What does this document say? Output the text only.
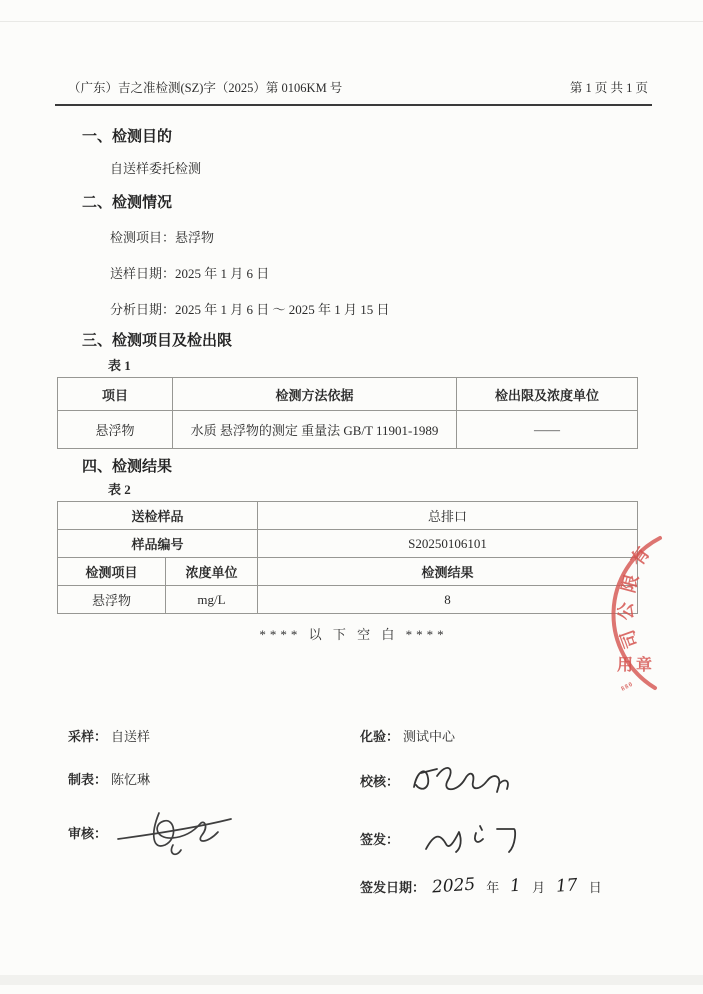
（广东）吉之准检测(SZ)字（2025）第 0106KM 号	第 1 页 共 1 页
一、检测目的
自送样委托检测
二、检测情况
检测项目：悬浮物
送样日期：2025 年 1 月 6 日
分析日期：2025 年 1 月 6 日 ～ 2025 年 1 月 15 日
三、检测项目及检出限
表 1
项目	检测方法依据	检出限及浓度单位
悬浮物	水质 悬浮物的测定 重量法 GB/T 11901-1989	——
四、检测结果
表 2
送检样品		总排口
样品编号		S20250106101
检测项目	浓度单位	检测结果
悬浮物	mg/L	8
**** 以 下 空 白 ****
有
限
公
司
用章
880
采样： 自送样
制表： 陈忆琳
审核：
化验： 测试中心
校核：
签发：
签发日期： 2025 年 1 月 17 日
